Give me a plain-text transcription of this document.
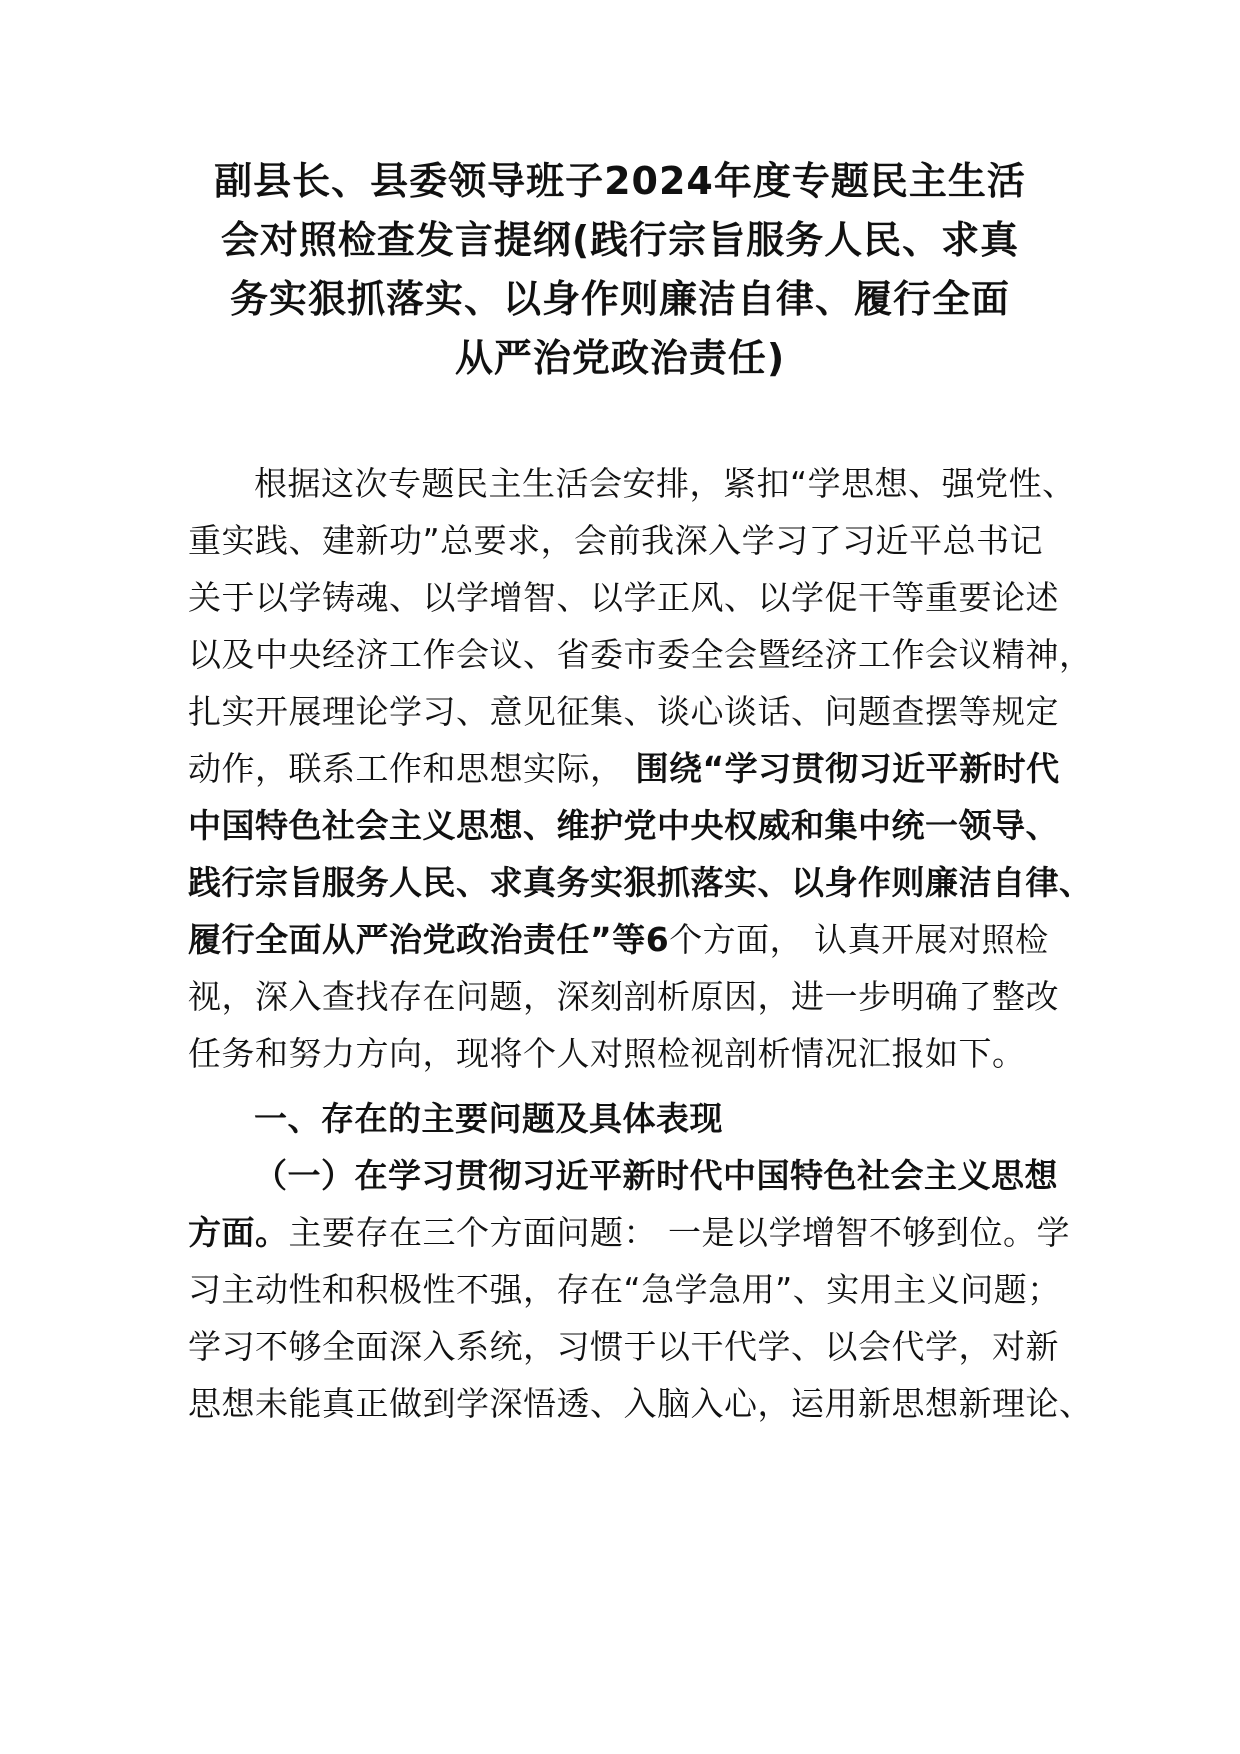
副县长、县委领导班子2024年度专题民主生活
会对照检查发言提纲(践行宗旨服务人民、求真
务实狠抓落实、以身作则廉洁自律、履行全面
从严治党政治责任)

根据这次专题民主生活会安排，紧扣“学思想、强党性、
重实践、建新功”总要求，会前我深入学习了习近平总书记
关于以学铸魂、以学增智、以学正风、以学促干等重要论述
以及中央经济工作会议、省委市委全会暨经济工作会议精神，
扎实开展理论学习、意见征集、谈心谈话、问题查摆等规定
动作，联系工作和思想实际， 围绕“学习贯彻习近平新时代
中国特色社会主义思想、维护党中央权威和集中统一领导、
践行宗旨服务人民、求真务实狠抓落实、以身作则廉洁自律、
履行全面从严治党政治责任”等6个方面， 认真开展对照检
视，深入查找存在问题，深刻剖析原因，进一步明确了整改
任务和努力方向，现将个人对照检视剖析情况汇报如下。

一、存在的主要问题及具体表现

（一）在学习贯彻习近平新时代中国特色社会主义思想
方面。主要存在三个方面问题： 一是以学增智不够到位。学
习主动性和积极性不强，存在“急学急用”、实用主义问题；
学习不够全面深入系统，习惯于以干代学、以会代学，对新
思想未能真正做到学深悟透、入脑入心，运用新思想新理论、
